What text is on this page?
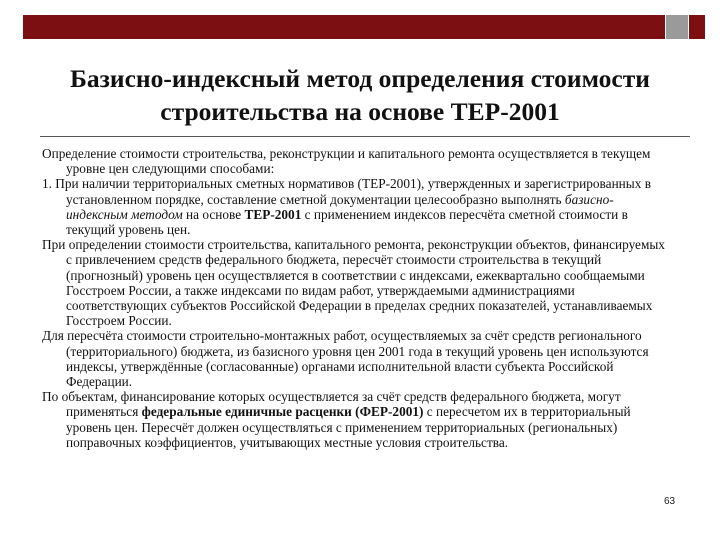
Базисно-индексный метод определения стоимости строительства на основе ТЕР-2001

Определение стоимости строительства, реконструкции и капитального ремонта осуществляется в текущем уровне цен следующими способами:

1. При наличии территориальных сметных нормативов (ТЕР-2001), утвержденных и зарегистрированных в установленном порядке, составление сметной документации целесообразно выполнять базисно-индексным методом на основе ТЕР-2001 с применением индексов пересчёта сметной стоимости в текущий уровень цен.

При определении стоимости строительства, капитального ремонта, реконструкции объектов, финансируемых с привлечением средств федерального бюджета, пересчёт стоимости строительства в текущий (прогнозный) уровень цен осуществляется в соответствии с индексами, ежеквартально сообщаемыми Госстроем России, а также индексами по видам работ, утверждаемыми администрациями соответствующих субъектов Российской Федерации в пределах средних показателей, устанавливаемых Госстроем России.

Для пересчёта стоимости строительно-монтажных работ, осуществляемых за счёт средств регионального (территориального) бюджета, из базисного уровня цен 2001 года в текущий уровень цен используются индексы, утверждённые (согласованные) органами исполнительной власти субъекта Российской Федерации.

По объектам, финансирование которых осуществляется за счёт средств федерального бюджета, могут применяться федеральные единичные расценки (ФЕР-2001) с пересчетом их в территориальный уровень цен. Пересчёт должен осуществляться с применением территориальных (региональных) поправочных коэффициентов, учитывающих местные условия строительства.

63
